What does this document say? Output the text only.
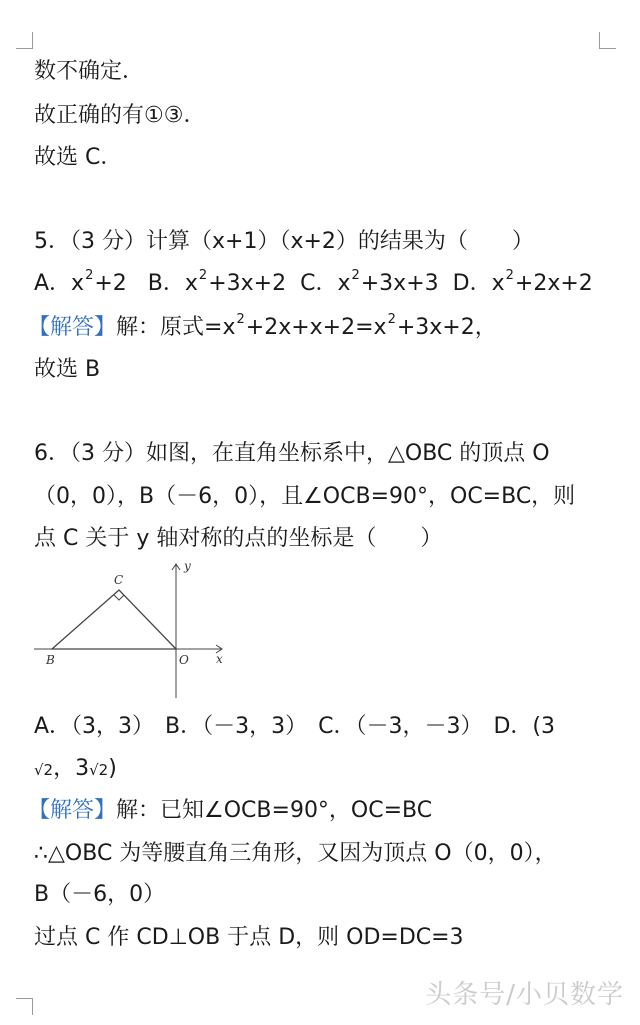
数不确定．
故正确的有①③．
故选 C．
5．（3 分）计算（x+1）（x+2）的结果为（　　）
A．$x^2+2$ B．$x^2+3x+2$ C．$x^2+3x+3$ D．$x^2+2x+2$
【解答】解：原式$=x^2+2x+x+2=x^2+3x+2$，
故选 B
6．（3 分）如图，在直角坐标系中，△OBC 的顶点 O
（0，0），B（－6，0），且∠OCB=90°，OC=BC，则
点 C 关于 y 轴对称的点的坐标是（　　）
C
B	O x
y
A．（3，3）　B．（－3，3）　C．（－3，－3）　D．(3
√2，3√2)
【解答】解：已知∠OCB=90°，OC=BC
∴△OBC 为等腰直角三角形，又因为顶点 O（0，0），
B（－6，0）
过点 C 作 CD⊥OB 于点 D，则 OD=DC=3
头条号/小贝数学
